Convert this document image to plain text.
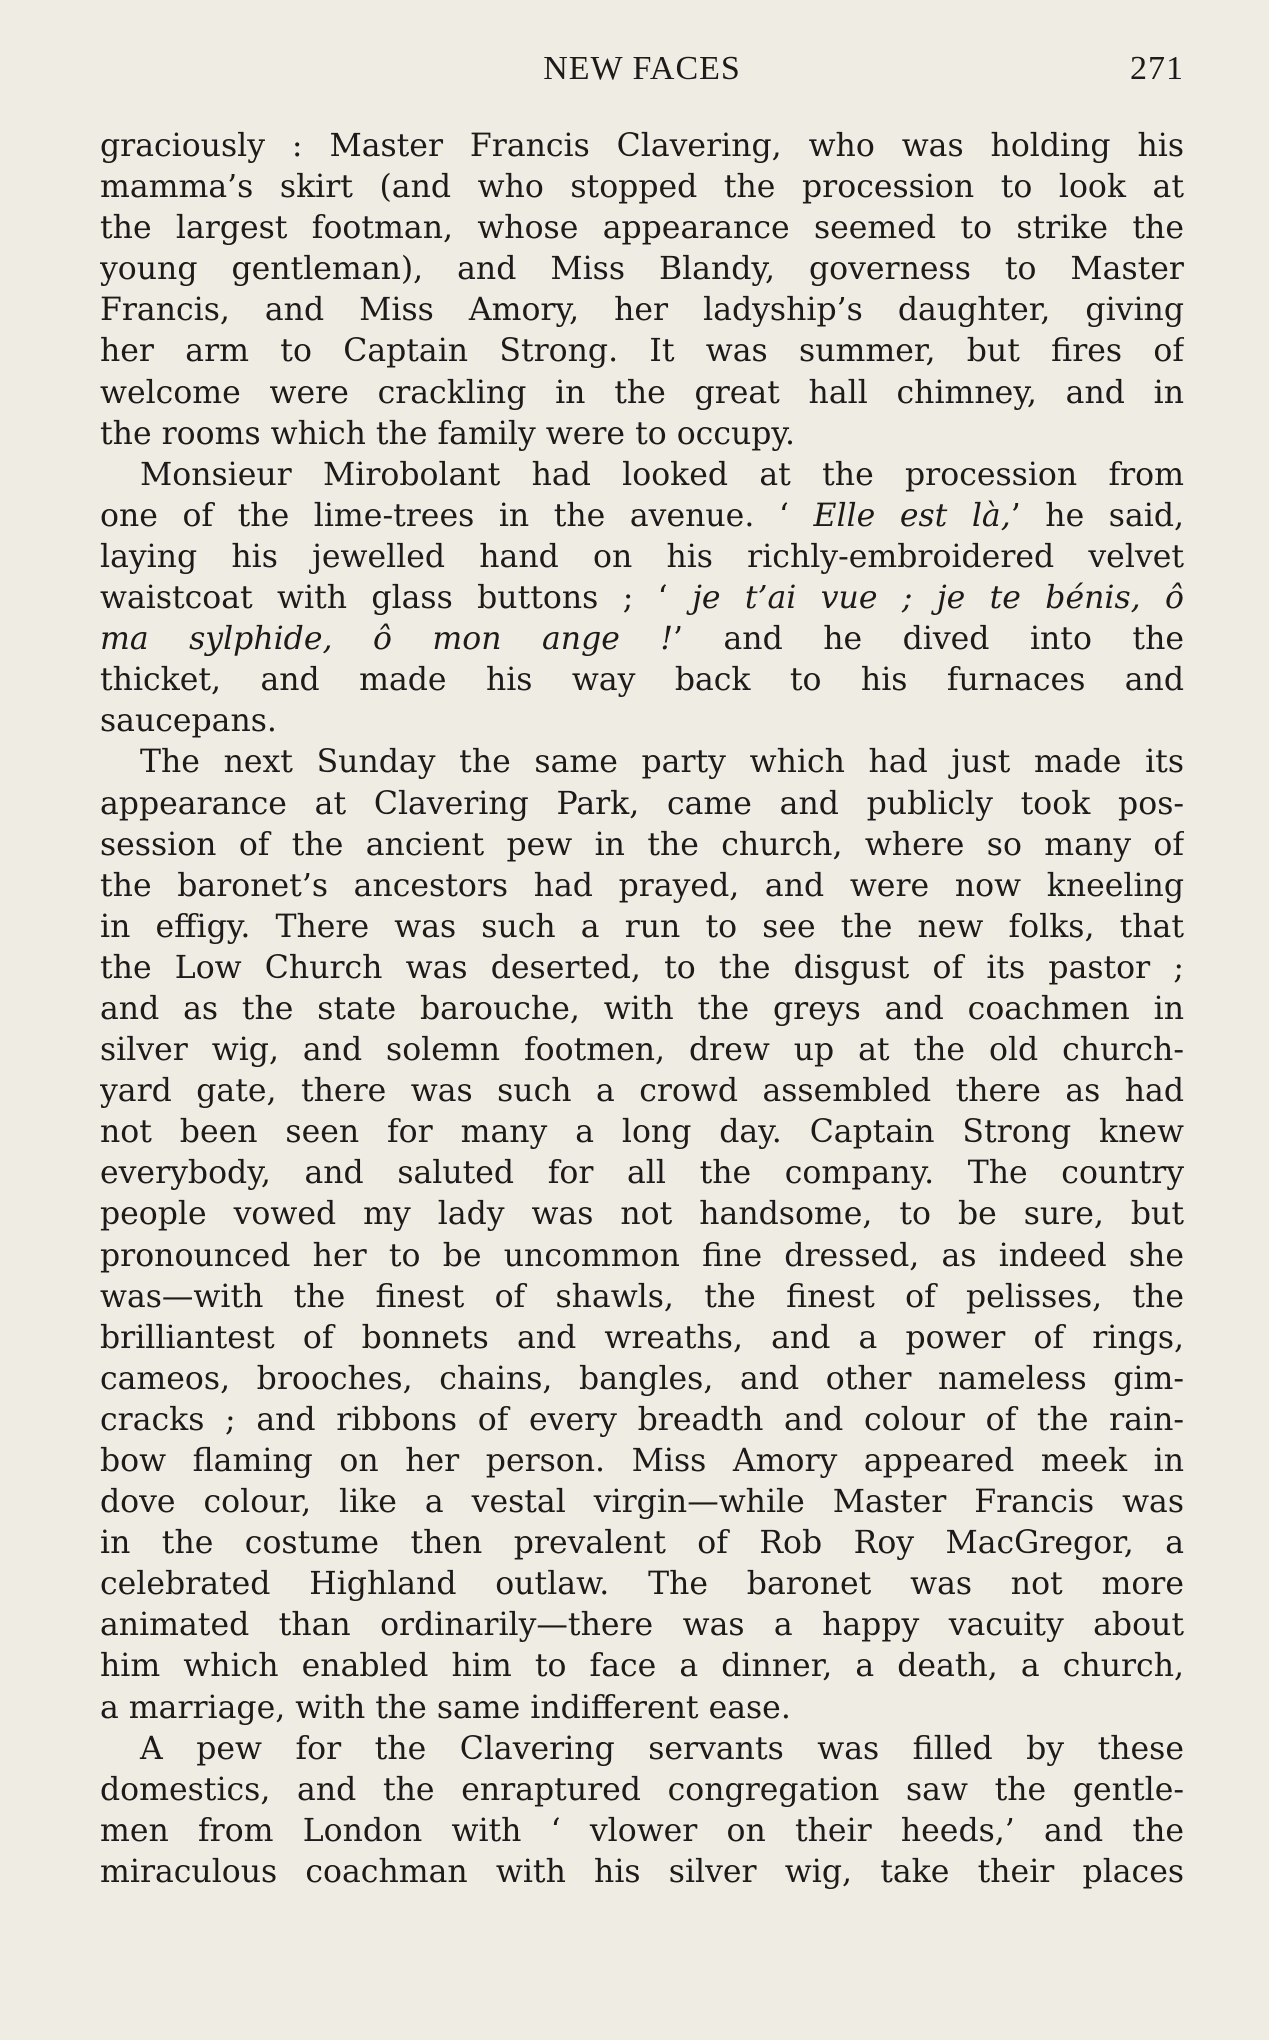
NEW FACES	271
graciously : Master Francis Clavering, who was holding his
mamma’s skirt (and who stopped the procession to look at
the largest footman, whose appearance seemed to strike the
young gentleman), and Miss Blandy, governess to Master
Francis, and Miss Amory, her ladyship’s daughter, giving
her arm to Captain Strong. It was summer, but fires of
welcome were crackling in the great hall chimney, and in
the rooms which the family were to occupy.
Monsieur Mirobolant had looked at the procession from
one of the lime-trees in the avenue. ‘ Elle est là,’ he said,
laying his jewelled hand on his richly-embroidered velvet
waistcoat with glass buttons ; ‘ je t’ai vue ; je te bénis, ô
ma sylphide, ô mon ange !’ and he dived into the
thicket, and made his way back to his furnaces and
saucepans.
The next Sunday the same party which had just made its
appearance at Clavering Park, came and publicly took pos-
session of the ancient pew in the church, where so many of
the baronet’s ancestors had prayed, and were now kneeling
in effigy. There was such a run to see the new folks, that
the Low Church was deserted, to the disgust of its pastor ;
and as the state barouche, with the greys and coachmen in
silver wig, and solemn footmen, drew up at the old church-
yard gate, there was such a crowd assembled there as had
not been seen for many a long day. Captain Strong knew
everybody, and saluted for all the company. The country
people vowed my lady was not handsome, to be sure, but
pronounced her to be uncommon fine dressed, as indeed she
was—with the finest of shawls, the finest of pelisses, the
brilliantest of bonnets and wreaths, and a power of rings,
cameos, brooches, chains, bangles, and other nameless gim-
cracks ; and ribbons of every breadth and colour of the rain-
bow flaming on her person. Miss Amory appeared meek in
dove colour, like a vestal virgin—while Master Francis was
in the costume then prevalent of Rob Roy MacGregor, a
celebrated Highland outlaw. The baronet was not more
animated than ordinarily—there was a happy vacuity about
him which enabled him to face a dinner, a death, a church,
a marriage, with the same indifferent ease.
A pew for the Clavering servants was filled by these
domestics, and the enraptured congregation saw the gentle-
men from London with ‘ vlower on their heeds,’ and the
miraculous coachman with his silver wig, take their places
